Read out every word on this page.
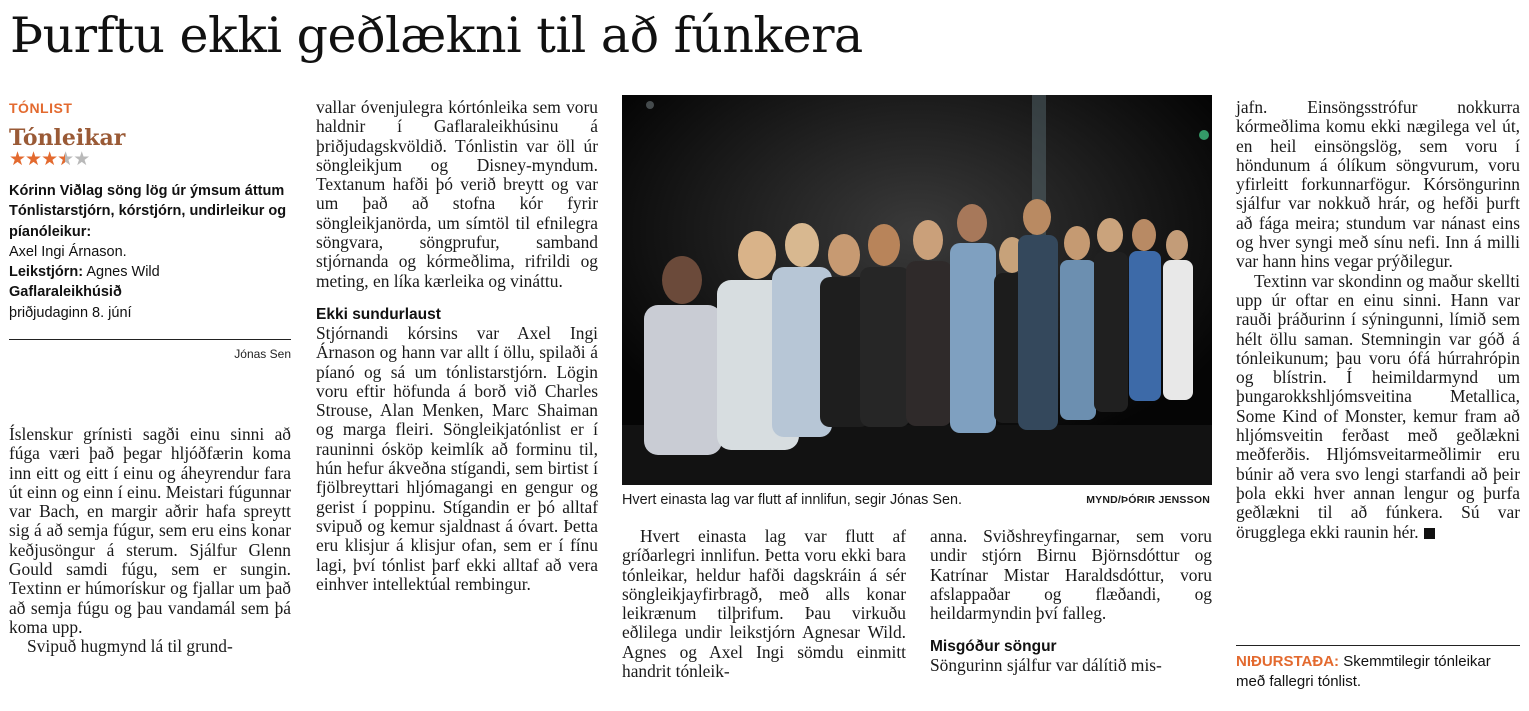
Þurftu ekki geðlækni til að fúnkera
TÓNLIST
Tónleikar
★★★★ ★★
Kórinn Viðlag söng lög úr ýmsum áttum
Tónlistarstjórn, kórstjórn, undirleikur og píanóleikur:
Axel Ingi Árnason.
Leikstjórn: Agnes Wild
Gaflaraleikhúsið
þriðjudaginn 8. júní
Jónas Sen

Íslenskur grínisti sagði einu sinni að fúga væri það þegar hljóðfærin koma inn eitt og eitt í einu og áheyrendur fara út einn og einn í einu. Meistari fúgunnar var Bach, en margir aðrir hafa spreytt sig á að semja fúgur, sem eru eins konar keðjusöngur á sterum. Sjálfur Glenn Gould samdi fúgu, sem er sungin. Textinn er húmorískur og fjallar um það að semja fúgu og þau vandamál sem þá koma upp.

Svipuð hugmynd lá til grund-

vallar óvenjulegra kórtónleika sem voru haldnir í Gaflaraleikhúsinu á þriðjudagskvöldið. Tónlistin var öll úr söngleikjum og Disney-myndum. Textanum hafði þó verið breytt og var um það að stofna kór fyrir söngleikjanörda, um símtöl til efnilegra söngvara, söngprufur, samband stjórnanda og kórmeðlima, rifrildi og meting, en líka kærleika og vináttu.

Ekki sundurlaust

Stjórnandi kórsins var Axel Ingi Árnason og hann var allt í öllu, spilaði á píanó og sá um tónlistarstjórn. Lögin voru eftir höfunda á borð við Charles Strouse, Alan Menken, Marc Shaiman og marga fleiri. Söngleikjatónlist er í rauninni ósköp keimlík að forminu til, hún hefur ákveðna stígandi, sem birtist í fjölbreyttari hljómagangi en gengur og gerist í poppinu. Stígandin er þó alltaf svipuð og kemur sjaldnast á óvart. Þetta eru klisjur á klisjur ofan, sem er í fínu lagi, því tónlist þarf ekki alltaf að vera einhver intellektúal rembingur.

Hvert einasta lag var flutt af innlifun, segir Jónas Sen.	MYND/ÞÓRIR JENSSON

Hvert einasta lag var flutt af gríðarlegri innlifun. Þetta voru ekki bara tónleikar, heldur hafði dagskráin á sér söngleikjayfirbragð, með alls konar leikrænum tilþrifum. Þau virkuðu eðlilega undir leikstjórn Agnesar Wild. Agnes og Axel Ingi sömdu einmitt handrit tónleik-

anna. Sviðshreyfingarnar, sem voru undir stjórn Birnu Björnsdóttur og Katrínar Mistar Haraldsdóttur, voru afslappaðar og flæðandi, og heildarmyndin því falleg.

Misgóður söngur

Söngurinn sjálfur var dálítið mis-

jafn. Einsöngsstrófur nokkurra kórmeðlima komu ekki nægilega vel út, en heil einsöngslög, sem voru í höndunum á ólíkum söngvurum, voru yfirleitt forkunnarfögur. Kórsöngurinn sjálfur var nokkuð hrár, og hefði þurft að fága meira; stundum var nánast eins og hver syngi með sínu nefi. Inn á milli var hann hins vegar prýðilegur.

Textinn var skondinn og maður skellti upp úr oftar en einu sinni. Hann var rauði þráðurinn í sýningunni, límið sem hélt öllu saman. Stemningin var góð á tónleikunum; þau voru ófá húrrahrópin og blístrin. Í heimildarmynd um þungarokkshljómsveitina Metallica, Some Kind of Monster, kemur fram að hljómsveitin ferðast með geðlækni meðferðis. Hljómsveitarmeðlimir eru búnir að vera svo lengi starfandi að þeir þola ekki hver annan lengur og þurfa geðlækni til að fúnkera. Sú var örugglega ekki raunin hér.

NIÐURSTAÐA: Skemmtilegir tónleikar með fallegri tónlist.
